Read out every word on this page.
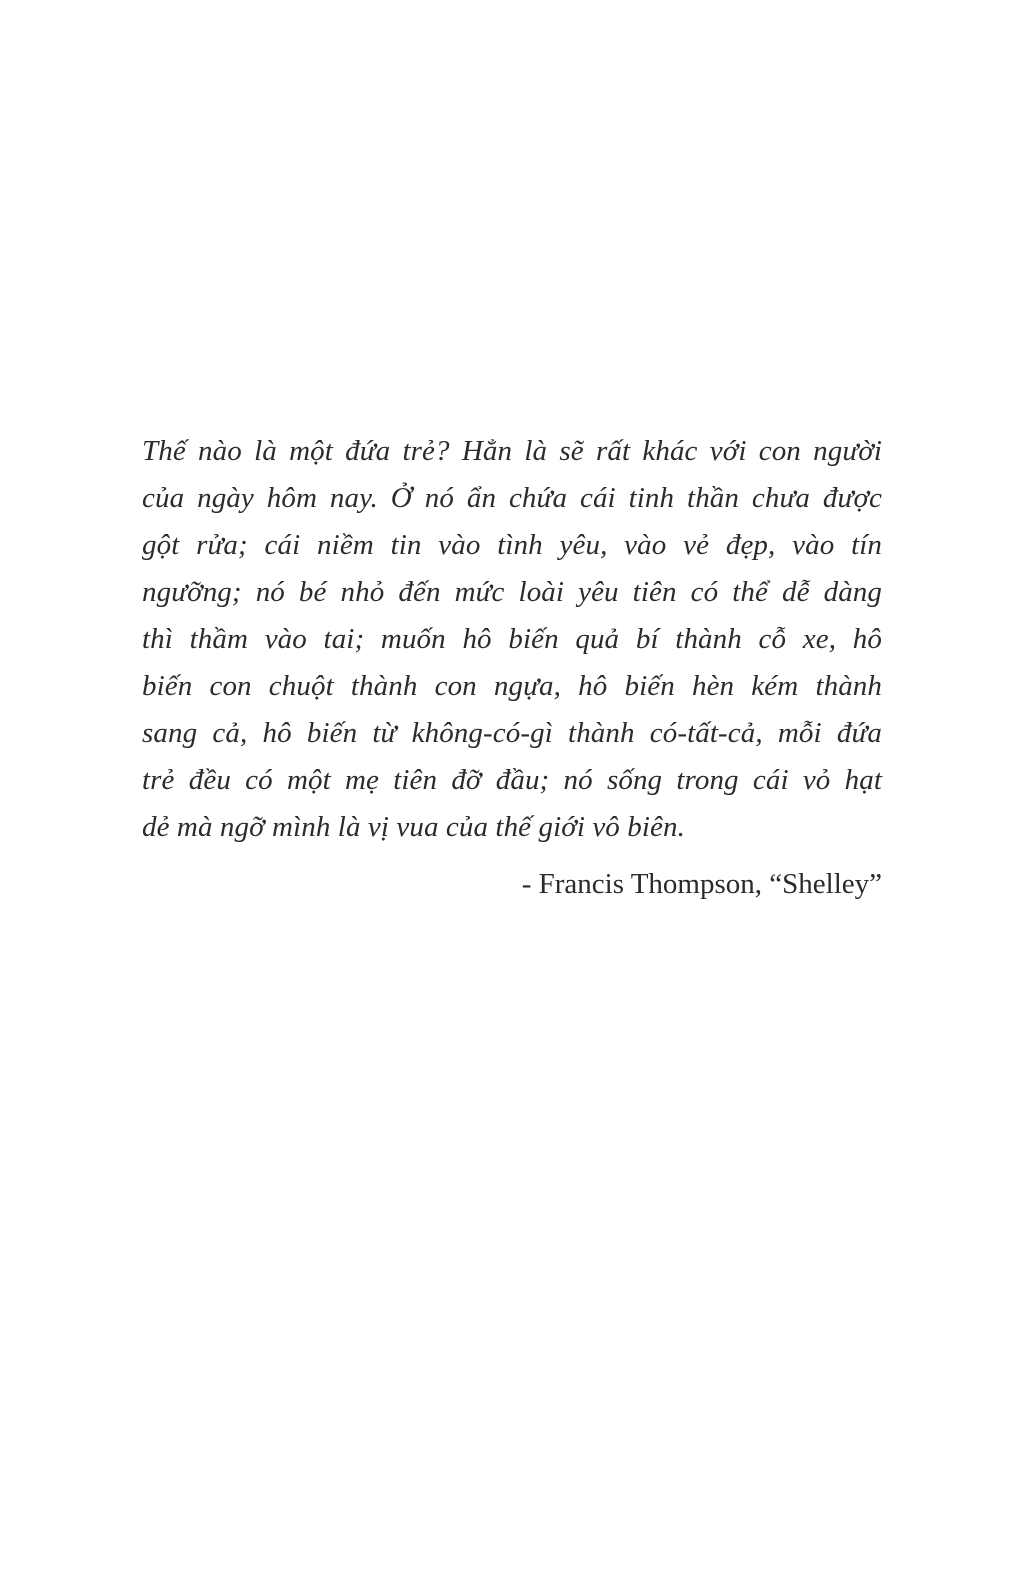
Thế nào là một đứa trẻ? Hẳn là sẽ rất khác với con người
của ngày hôm nay. Ở nó ẩn chứa cái tinh thần chưa được
gột rửa; cái niềm tin vào tình yêu, vào vẻ đẹp, vào tín
ngưỡng; nó bé nhỏ đến mức loài yêu tiên có thể dễ dàng
thì thầm vào tai; muốn hô biến quả bí thành cỗ xe, hô
biến con chuột thành con ngựa, hô biến hèn kém thành
sang cả, hô biến từ không-có-gì thành có-tất-cả, mỗi đứa
trẻ đều có một mẹ tiên đỡ đầu; nó sống trong cái vỏ hạt
dẻ mà ngỡ mình là vị vua của thế giới vô biên.
- Francis Thompson, “Shelley”
